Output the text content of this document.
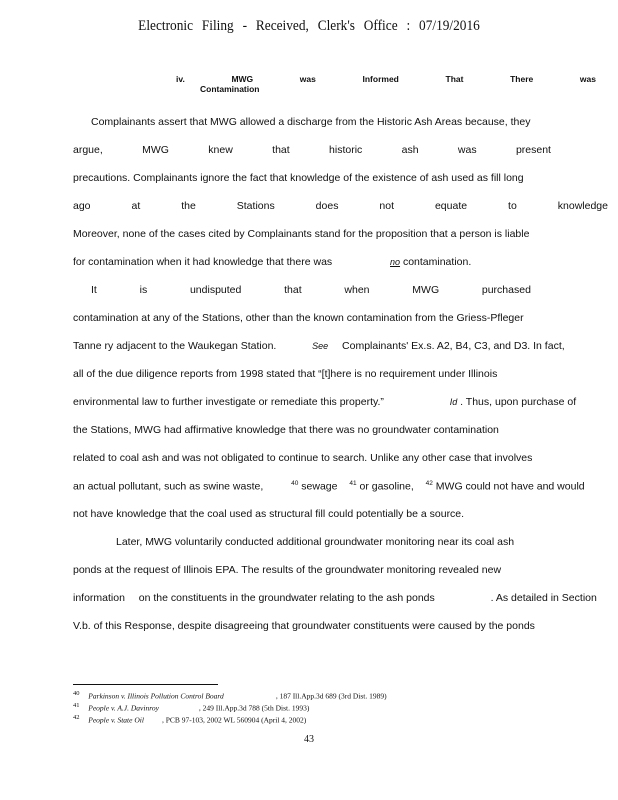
Electronic Filing - Received, Clerk's Office : 07/19/2016
iv.	MWG	was	Informed	That	There	was
Contamination
Complainants assert that MWG allowed a discharge from the Historic Ash Areas because, they
argue,	MWG	knew	that	historic	ash	was	present
precautions. Complainants ignore the fact that knowledge of the existence of ash used as fill long
ago	at	the	Stations	does	not	equate	to	knowledge
Moreover, none of the cases cited by Complainants stand for the proposition that a person is liable
for contamination when it had knowledge that there was	no contamination.
It	is	undisputed	that	when	MWG	purchased
contamination at any of the Stations, other than the known contamination from the Griess-Pfleger
Tanne ry adjacent to the Waukegan Station.	See Complainants' Ex.s. A2, B4, C3, and D3. In fact,
all of the due diligence reports from 1998 stated that “[t]here is no requirement under Illinois
environmental law to further investigate or remediate this property.”	Id . Thus, upon purchase of
the Stations, MWG had affirmative knowledge that there was no groundwater contamination
related to coal ash and was not obligated to continue to search. Unlike any other case that involves
an actual pollutant, such as swine waste,	$^{40}$ sewage $^{41}$ or gasoline, $^{42}$ MWG could not have and would
not have knowledge that the coal used as structural fill could potentially be a source.
Later, MWG voluntarily conducted additional groundwater monitoring near its coal ash
ponds at the request of Illinois EPA. The results of the groundwater monitoring revealed new
information on the constituents in the groundwater relating to the ash ponds	. As detailed in Section
V.b. of this Response, despite disagreeing that groundwater constituents were caused by the ponds
$^{40}$ Parkinson v. Illinois Pollution Control Board	, 187 Ill.App.3d 689 (3rd Dist. 1989)
$^{41}$ People v. A.J. Davinroy	, 249 Ill.App.3d 788 (5th Dist. 1993)
$^{42}$ People v. State Oil , PCB 97-103, 2002 WL 560904 (April 4, 2002)
43
